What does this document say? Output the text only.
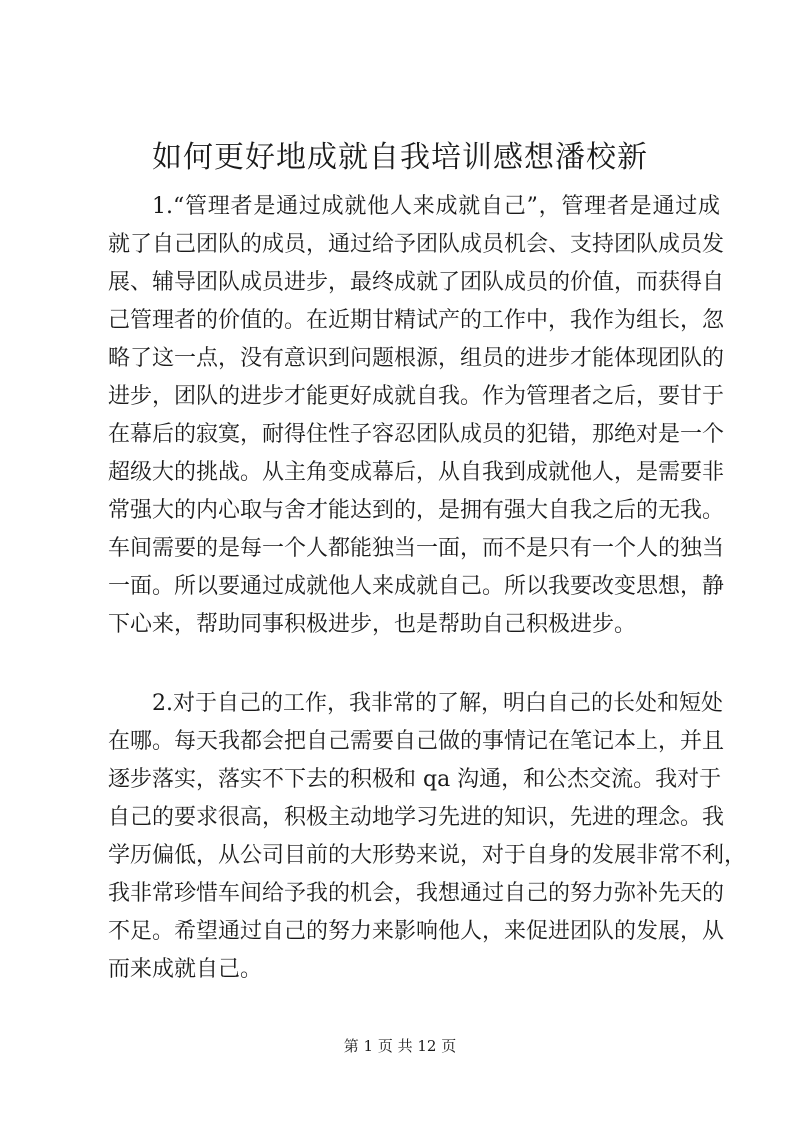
如何更好地成就自我培训感想潘校新
1.“管理者是通过成就他人来成就自己”，管理者是通过成
就了自己团队的成员，通过给予团队成员机会、支持团队成员发
展、辅导团队成员进步，最终成就了团队成员的价值，而获得自
己管理者的价值的。在近期甘精试产的工作中，我作为组长，忽
略了这一点，没有意识到问题根源，组员的进步才能体现团队的
进步，团队的进步才能更好成就自我。作为管理者之后，要甘于
在幕后的寂寞，耐得住性子容忍团队成员的犯错，那绝对是一个
超级大的挑战。从主角变成幕后，从自我到成就他人，是需要非
常强大的内心取与舍才能达到的，是拥有强大自我之后的无我。
车间需要的是每一个人都能独当一面，而不是只有一个人的独当
一面。所以要通过成就他人来成就自己。所以我要改变思想，静
下心来，帮助同事积极进步，也是帮助自己积极进步。
2.对于自己的工作，我非常的了解，明白自己的长处和短处
在哪。每天我都会把自己需要自己做的事情记在笔记本上，并且
逐步落实，落实不下去的积极和 qa 沟通，和公杰交流。我对于
自己的要求很高，积极主动地学习先进的知识，先进的理念。我
学历偏低，从公司目前的大形势来说，对于自身的发展非常不利，
我非常珍惜车间给予我的机会，我想通过自己的努力弥补先天的
不足。希望通过自己的努力来影响他人，来促进团队的发展，从
而来成就自己。
第 1 页 共 12 页
